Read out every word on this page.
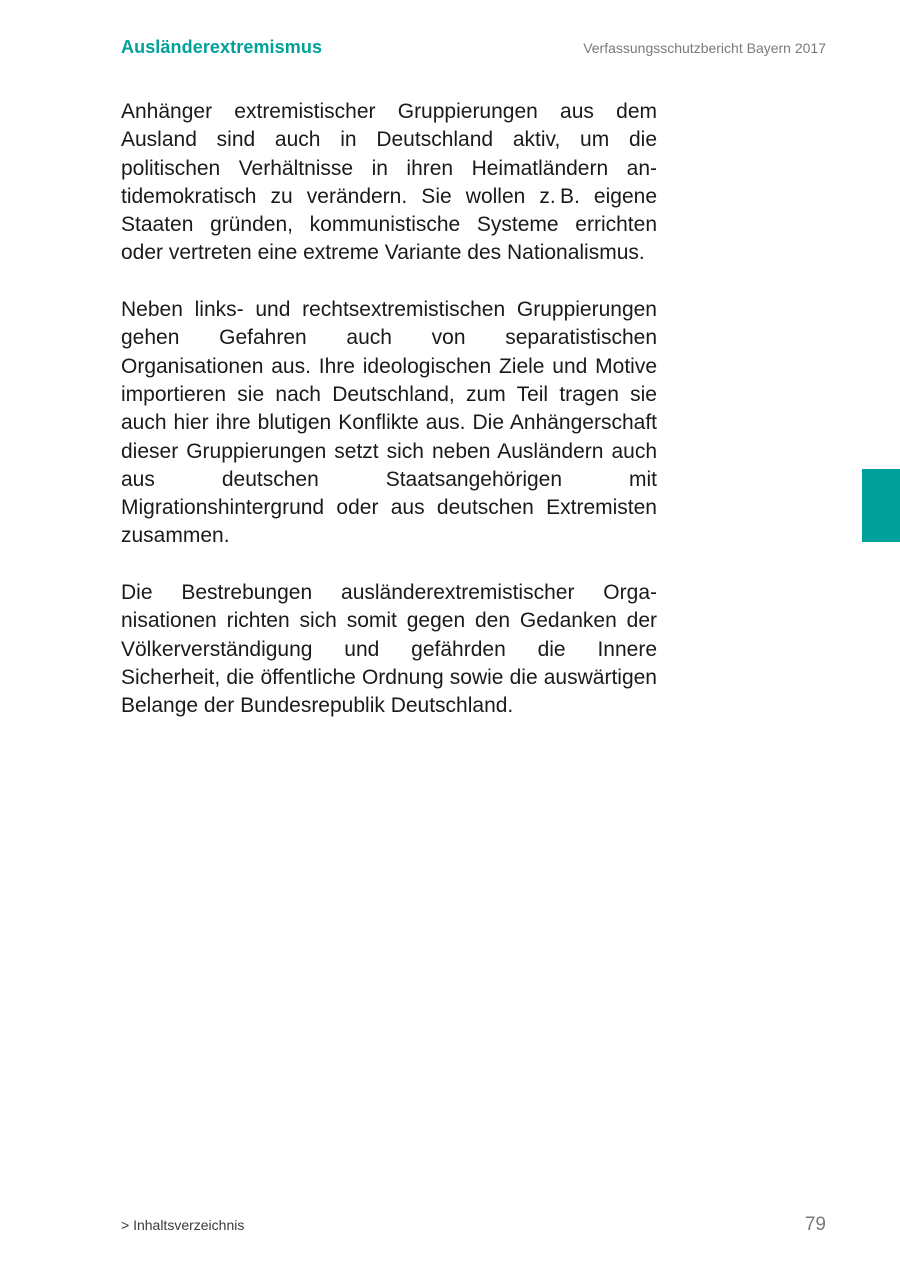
Ausländerextremismus	Verfassungsschutzbericht Bayern 2017

Anhänger extremistischer Gruppierungen aus dem Ausland sind auch in Deutschland aktiv, um die politischen Verhältnisse in ihren Heimatländern antidemokratisch zu verändern. Sie wollen z. B. eigene Staaten gründen, kommunistische Systeme errichten oder vertreten eine extreme Variante des Nationalismus.

Neben links- und rechtsextremistischen Gruppierungen gehen Gefahren auch von separatistischen Organisationen aus. Ihre ideologischen Ziele und Motive importieren sie nach Deutschland, zum Teil tragen sie auch hier ihre blutigen Konflikte aus. Die Anhängerschaft dieser Gruppierungen setzt sich neben Ausländern auch aus deutschen Staatsangehörigen mit Migrationshintergrund oder aus deutschen Extremisten zusammen.

Die Bestrebungen ausländerextremistischer Organisationen richten sich somit gegen den Gedanken der Völkerverständigung und gefährden die Innere Sicherheit, die öffentliche Ordnung sowie die auswärtigen Belange der Bundesrepublik Deutschland.

> Inhaltsverzeichnis	79
